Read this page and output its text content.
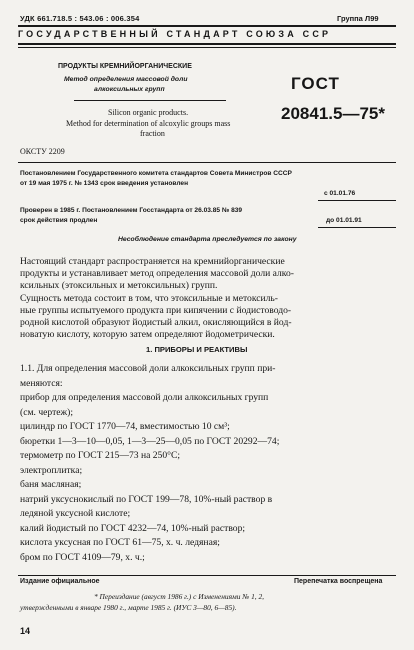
УДК 661.718.5 : 543.06 : 006.354	Группа Л99
ГОСУДАРСТВЕННЫЙ СТАНДАРТ СОЮЗА ССР
ПРОДУКТЫ КРЕМНИЙОРГАНИЧЕСКИЕ
Метод определения массовой доли
алкоксильных групп
Silicon organic products.
Method for determination of alcoxylic groups mass
fraction
ГОСТ
20841.5—75*
ОКСТУ 2209
Постановлением Государственного комитета стандартов Совета Министров СССР
от 19 мая 1975 г. № 1343 срок введения установлен
с 01.01.76
Проверен в 1985 г. Постановлением Госстандарта от 26.03.85 № 839
срок действия продлен	до 01.01.91
Несоблюдение стандарта преследуется по закону
Настоящий стандарт распространяется на кремнийорганические
продукты и устанавливает метод определения массовой доли алко-
ксильных (этоксильных и метоксильных) групп.
Сущность метода состоит в том, что этоксильные и метоксиль-
ные группы испытуемого продукта при кипячении с йодистоводо-
1. ПРИБОРЫ И РЕАКТИВЫ
1.1. Для определения массовой доли алкоксильных групп при-
меняются:
прибор для определения массовой доли алкоксильных групп
(см. чертеж);
цилиндр по ГОСТ 1770—74, вместимостью 10 см³;
бюретки 1—3—10—0,05, 1—3—25—0,05 по ГОСТ 20292—74;
термометр по ГОСТ 215—73 на 250°С;
электроплитка;
баня масляная;
натрий уксуснокислый по ГОСТ 199—78, 10%-ный раствор в
ледяной уксусной кислоте;
калий йодистый по ГОСТ 4232—74, 10%-ный раствор;
кислота уксусная по ГОСТ 61—75, х. ч. ледяная;
бром по ГОСТ 4109—79, х. ч.;
Издание официальное	Перепечатка воспрещена
* Переиздание (август 1986 г.) с Изменениями № 1, 2,
утвержденными в январе 1980 г., марте 1985 г. (ИУС 3—80, 6—85).
14
родной кислотой образуют йодистый алкил, окисляющийся в йод-
новатую кислоту, которую затем определяют йодометрически.
